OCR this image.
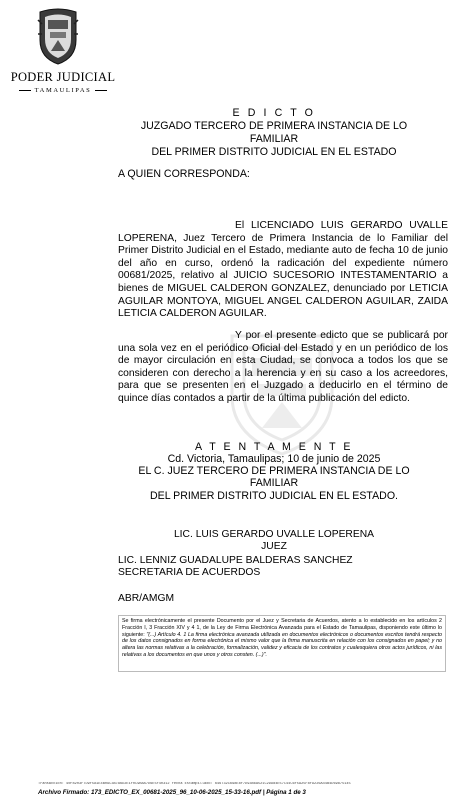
PODER JUDICIAL
TAMAULIPAS
E D I C T O
JUZGADO TERCERO DE PRIMERA INSTANCIA DE LO FAMILIAR
DEL PRIMER DISTRITO JUDICIAL EN EL ESTADO
A QUIEN CORRESPONDA:
El LICENCIADO LUIS GERARDO UVALLE LOPERENA, Juez Tercero de Primera Instancia de lo Familiar del Primer Distrito Judicial en el Estado, mediante auto de fecha 10 de junio del año en curso, ordenó la radicación del expediente número 00681/2025, relativo al JUICIO SUCESORIO INTESTAMENTARIO a bienes de MIGUEL CALDERON GONZALEZ, denunciado por LETICIA AGUILAR MONTOYA, MIGUEL ANGEL CALDERON AGUILAR, ZAIDA LETICIA CALDERON AGUILAR.
Y por el presente edicto que se publicará por una sola vez en el periódico Oficial del Estado y en un periódico de los de mayor circulación en esta Ciudad, se convoca a todos los que se consideren con derecho a la herencia y en su caso a los acreedores, para que se presenten en el Juzgado a deducirlo en el término de quince días contados a partir de la última publicación del edicto.
A T E N T A M E N T E
Cd. Victoria, Tamaulipas; 10 de junio de 2025
EL C. JUEZ TERCERO DE PRIMERA INSTANCIA DE LO FAMILIAR
DEL PRIMER DISTRITO JUDICIAL EN EL ESTADO.
LIC. LUIS GERARDO UVALLE LOPERENA
JUEZ
LIC. LENNIZ GUADALUPE BALDERAS SANCHEZ
SECRETARIA DE ACUERDOS
ABR/AMGM
Se firma electrónicamente el presente Documento por el Juez y Secretaria de Acuerdos, atento a lo establecido en los artículos 2 Fracción I, 3 Fracción XIV y 4 1, de la Ley de Firma Electrónica Avanzada para el Estado de Tamaulipas, disponiendo este último lo siguiente: "(...) Artículo 4. 1 La firma electrónica avanzada utilizada en documentos electrónicos o documentos escritos tendrá respecto de los datos consignados en forma electrónica el mismo valor que la firma manuscrita en relación con los consignados en papel; y no altera las normas relativas a la celebración, formalización, validez y eficacia de los contratos y cualesquiera otros actos jurídicos, ni las relativas a los documentos en que unos y otros consten. (...)".
Transacción: 40F8203F7D9F5A1E4B09C3B7A6D2E1F0C9B8A7D6E5F40312 Fecha Estampillado: 6467321698E8F7D93B6A521C29984E57C44C6F5A25F8F9226A44B4D69875145
Archivo Firmado: 173_EDICTO_EX_00681-2025_96_10-06-2025_15-33-16.pdf | Página 1 de 3
